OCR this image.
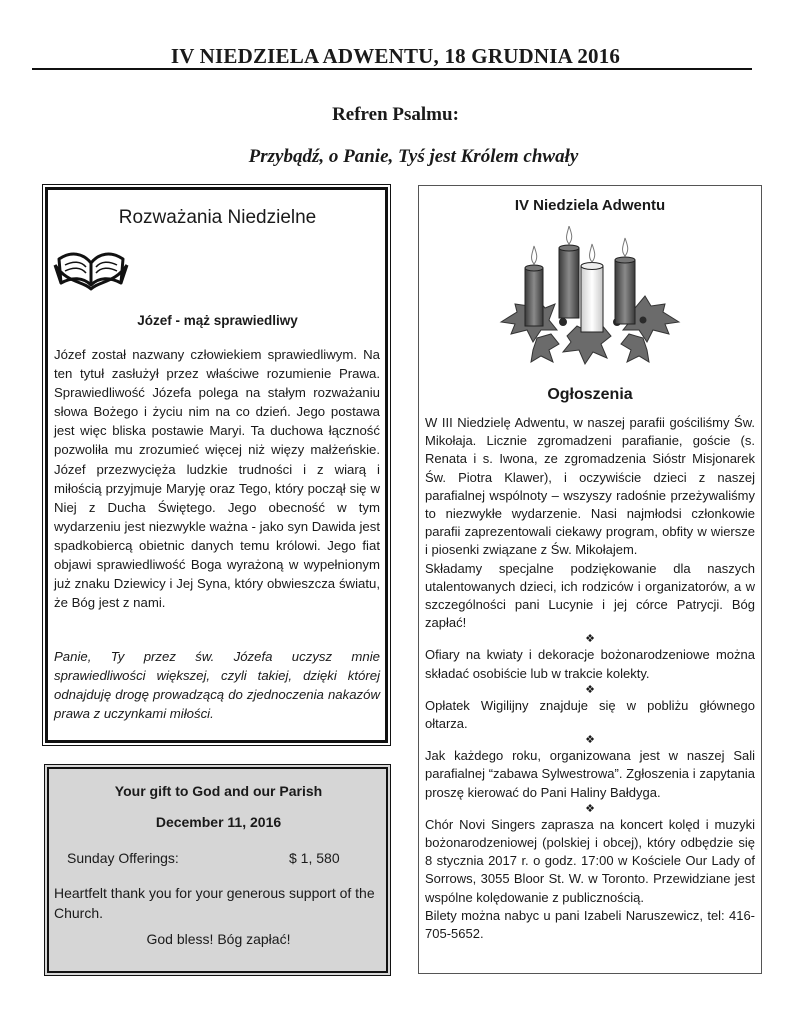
IV NIEDZIELA ADWENTU, 18 GRUDNIA 2016
Refren Psalmu:
Przybądź, o Panie, Tyś jest Królem chwały
Rozważania Niedzielne
Józef - mąż sprawiedliwy
Józef został nazwany człowiekiem sprawiedliwym. Na ten tytuł zasłużył przez właściwe rozumienie Prawa. Sprawiedliwość Józefa polega na stałym rozważaniu słowa Bożego i życiu nim na co dzień. Jego postawa jest więc bliska postawie Maryi. Ta duchowa łączność pozwoliła mu zrozumieć więcej niż więzy małżeńskie. Józef przezwycięża ludzkie trudności i z wiarą i miłością przyjmuje Maryję oraz Tego, który począł się w Niej z Ducha Świętego. Jego obecność w tym wydarzeniu jest niezwykle ważna - jako syn Dawida jest spadkobiercą obietnic danych temu królowi. Jego fiat objawi sprawiedliwość Boga wyrażoną w wypełnionym już znaku Dziewicy i Jej Syna, który obwieszcza światu, że Bóg jest z nami.
Panie, Ty przez św. Józefa uczysz mnie sprawiedliwości większej, czyli takiej, dzięki której odnajduję drogę prowadzącą do zjednoczenia nakazów prawa z uczynkami miłości.
Your gift to God and our Parish
December 11, 2016
Sunday Offerings:	$ 1, 580
Heartfelt thank you for your generous support of the Church.
God bless! Bóg zapłać!
IV Niedziela Adwentu
Ogłoszenia

W III Niedzielę Adwentu, w naszej parafii gościliśmy Św. Mikołaja. Licznie zgromadzeni parafianie, goście (s. Renata i s. Iwona, ze zgromadzenia Sióstr Misjonarek Św. Piotra Klawer), i oczywiście dzieci z naszej parafialnej wspólnoty – wszyszy radośnie przeżywaliśmy to niezwykłe wydarzenie. Nasi najmłodsi członkowie parafii zaprezentowali ciekawy program, obfity w wiersze i piosenki związane z Św. Mikołajem.

Składamy specjalne podziękowanie dla naszych utalentowanych dzieci, ich rodziców i organizatorów, a w szczególności pani Lucynie i jej córce Patrycji. Bóg zapłać!

❖

Ofiary na kwiaty i dekoracje bożonarodzeniowe można składać osobiście lub w trakcie kolekty.

❖

Opłatek Wigilijny znajduje się w pobliżu głównego ołtarza.

❖

Jak każdego roku, organizowana jest w naszej Sali parafialnej “zabawa Sylwestrowa”. Zgłoszenia i zapytania proszę kierować do Pani Haliny Bałdyga.

❖

Chór Novi Singers zaprasza na koncert kolęd i muzyki bożonarodzeniowej (polskiej i obcej), który odbędzie się 8 stycznia 2017 r. o godz. 17:00 w Kościele Our Lady of Sorrows, 3055 Bloor St. W. w Toronto. Przewidziane jest wspólne kolędowanie z publicznością.

Bilety można nabyc u pani Izabeli Naruszewicz, tel: 416-705-5652.
